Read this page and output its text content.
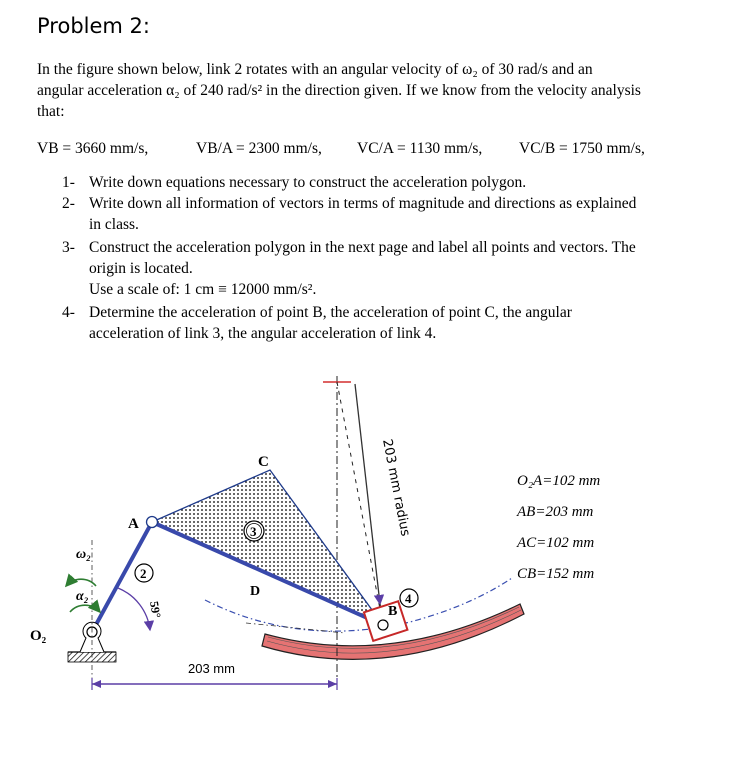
Problem 2:
In the figure shown below, link 2 rotates with an angular velocity of ω₂ of 30 rad/s and an
angular acceleration α₂ of 240 rad/s² in the direction given. If we know from the velocity analysis
that:
VB = 3660 mm/s,	VB/A = 2300 mm/s, VC/A = 1130 mm/s, VC/B = 1750 mm/s,
1- Write down equations necessary to construct the acceleration polygon.
2- Write down all information of vectors in terms of magnitude and directions as explained
in class.
3- Construct the acceleration polygon in the next page and label all points and vectors. The
origin is located.
Use a scale of: 1 cm ≡ 12000 mm/s².
4- Determine the acceleration of point B, the acceleration of point C, the angular
acceleration of link 3, the angular acceleration of link 4.
A
B
C
D
O₂
ω₂
α₂
2
3
4
59°
203 mm radius
203 mm
O₂A=102 mm
AB=203 mm
AC=102 mm
CB=152 mm
